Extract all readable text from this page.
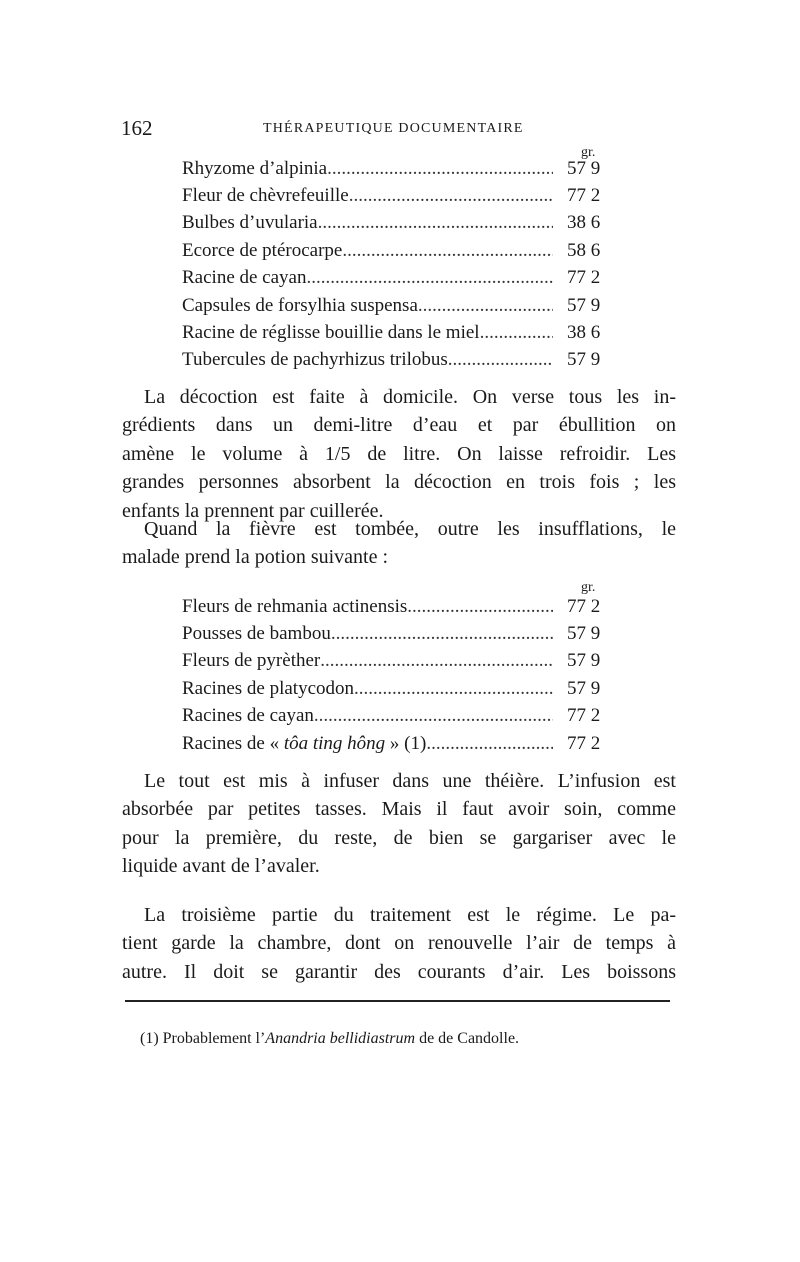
162	THÉRAPEUTIQUE DOCUMENTAIRE
gr.
Rhyzome d’alpinia .....	57 9
Fleur de chèvrefeuille .....	77 2
Bulbes d’uvularia .....	38 6
Ecorce de ptérocarpe .....	58 6
Racine de cayan .....	77 2
Capsules de forsylhia suspensa .....	57 9
Racine de réglisse bouillie dans le miel .....	38 6
Tubercules de pachyrhizus trilobus .....	57 9
La décoction est faite à domicile. On verse tous les in-
grédients dans un demi-litre d’eau et par ébullition on
amène le volume à 1/5 de litre. On laisse refroidir. Les
grandes personnes absorbent la décoction en trois fois ; les
enfants la prennent par cuillerée.
Quand la fièvre est tombée, outre les insufflations, le
malade prend la potion suivante :
gr.
Fleurs de rehmania actinensis .....	77 2
Pousses de bambou .....	57 9
Fleurs de pyrèther .....	57 9
Racines de platycodon .....	57 9
Racines de cayan .....	77 2
Racines de « tôa ting hông » (1) .....	77 2
Le tout est mis à infuser dans une théière. L’infusion est
absorbée par petites tasses. Mais il faut avoir soin, comme
pour la première, du reste, de bien se gargariser avec le
liquide avant de l’avaler.
La troisième partie du traitement est le régime. Le pa-
tient garde la chambre, dont on renouvelle l’air de temps à
autre. Il doit se garantir des courants d’air. Les boissons
(1) Probablement l’Anandria bellidiastrum de de Candolle.
